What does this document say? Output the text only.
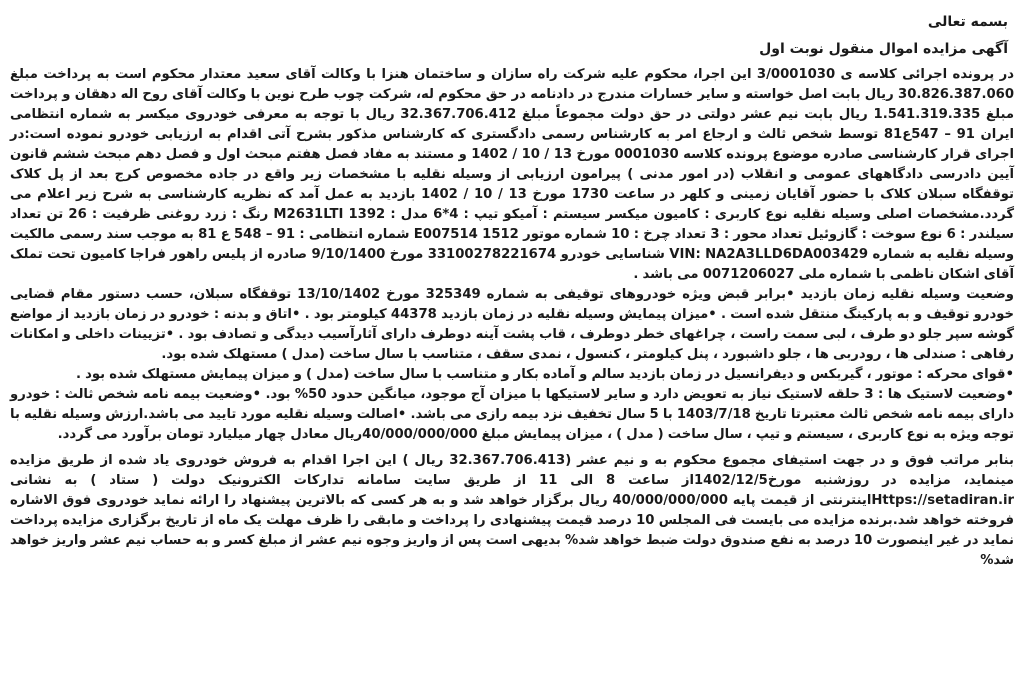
بسمه تعالی
آگهی مزایده اموال منقول نوبت اول

در پرونده اجرائی کلاسه ی 3/0001030 این اجرا، محکوم علیه شرکت راه سازان و ساختمان هنزا با وکالت آقای سعید معتدار محکوم است به پرداخت مبلغ 30.826.387.060 ریال بابت اصل خواسته و سایر خسارات مندرج در دادنامه در حق محکوم له، شرکت چوب طرح نوین با وکالت آقای روح اله دهقان و پرداخت مبلغ 1.541.319.335 ریال بابت نیم عشر دولتی در حق دولت مجموعاً مبلغ 32.367.706.412 ریال با توجه به معرفی خودروی میکسر به شماره انتظامی ایران 91 – 547ع81 توسط شخص ثالث و ارجاع امر به کارشناس رسمی دادگستری که کارشناس مذکور بشرح آتی اقدام به ارزیابی خودرو نموده است:در اجرای قرار کارشناسی صادره موضوع پرونده کلاسه 0001030 مورخ 13 / 10 / 1402 و مستند به مفاد فصل هفتم مبحث اول و فصل دهم مبحث ششم قانون آیین دادرسی دادگاههای عمومی و انقلاب (در امور مدنی ) پیرامون ارزیابی از وسیله نقلیه با مشخصات زیر واقع در جاده مخصوص کرج بعد از پل کلاک توقفگاه سبلان کلاک با حضور آقایان زمینی و کلهر در ساعت 1730 مورخ 13 / 10 / 1402 بازدید به عمل آمد که نظریه کارشناسی به شرح زیر اعلام می گردد.مشخصات اصلی وسیله نقلیه نوع کاربری : کامیون میکسر سیستم : آمیکو تیپ : 4*6 مدل : 1392 M2631LTI رنگ : زرد روغنی ظرفیت : 26 تن تعداد سیلندر : 6 نوع سوخت : گازوئیل تعداد محور : 3 تعداد چرخ : 10 شماره موتور 1512 E007514 شماره انتظامی : 91 – 548 ع 81 به موجب سند رسمی مالکیت وسیله نقلیه به شماره VIN: NA2A3LLD6DA003429 شناسایی خودرو 33100278221674 مورخ 9/10/1400 صادره از پلیس راهور فراجا کامیون تحت تملک آقای اشکان ناظمی با شماره ملی 0071206027 می باشد .

وضعیت وسیله نقلیه زمان بازدید •برابر قبض ویژه خودروهای توقیفی به شماره 325349 مورخ 13/10/1402 توقفگاه سبلان، حسب دستور مقام قضایی خودرو توقیف و به پارکینگ منتقل شده است . •میزان پیمایش وسیله نقلیه در زمان بازدید 44378 کیلومتر بود . •اتاق و بدنه : خودرو در زمان بازدید از مواضع گوشه سپر جلو دو طرف ، لبی سمت راست ، چراغهای خطر دوطرف ، قاب پشت آینه دوطرف دارای آثارآسیب دیدگی و تصادف بود . •تزیینات داخلی و امکانات رفاهی : صندلی ها ، رودربی ها ، جلو داشبورد ، پنل کیلومتر ، کنسول ، نمدی سقف ، متناسب با سال ساخت (مدل ) مستهلک شده بود.

•قوای محرکه : موتور ، گیربکس و دیفرانسیل در زمان بازدید سالم و آماده بکار و متناسب با سال ساخت (مدل ) و میزان پیمایش مستهلک شده بود .

•وضعیت لاستیک ها : 3 حلقه لاستیک نیاز به تعویض دارد و سایر لاستیکها با میزان آج موجود، میانگین حدود 50% بود. •وضعیت بیمه نامه شخص ثالث : خودرو دارای بیمه نامه شخص ثالث معتبرتا تاریخ 1403/7/18 با 5 سال تخفیف نزد بیمه رازی می باشد. •اصالت وسیله نقلیه مورد تایید می باشد.ارزش وسیله نقلیه با توجه ویژه به نوع کاربری ، سیستم و تیپ ، سال ساخت ( مدل ) ، میزان پیمایش مبلغ 40/000/000/000ریال معادل چهار میلیارد تومان برآورد می گردد.

بنابر مراتب فوق و در جهت استیفای مجموع محکوم به و نیم عشر (32.367.706.413 ریال ) این اجرا اقدام به فروش خودروی یاد شده از طریق مزایده مینماید، مزایده در روزشنبه مورخ1402/12/5از ساعت 8 الی 11 از طریق سایت سامانه تدارکات الکترونیک دولت ( ستاد ) به نشانی Https://setadiran.irاینترنتی از قیمت پایه 40/000/000/000 ریال برگزار خواهد شد و به هر کسی که بالاترین پیشنهاد را ارائه نماید خودروی فوق الاشاره فروخته خواهد شد.برنده مزایده می بایست فی المجلس 10 درصد قیمت پیشنهادی را پرداخت و مابقی را ظرف مهلت یک ماه از تاریخ برگزاری مزایده پرداخت نماید در غیر اینصورت 10 درصد به نفع صندوق دولت ضبط خواهد شد% بدیهی است پس از واریز وجوه نیم عشر از مبلغ کسر و به حساب نیم عشر واریز خواهد شد%
